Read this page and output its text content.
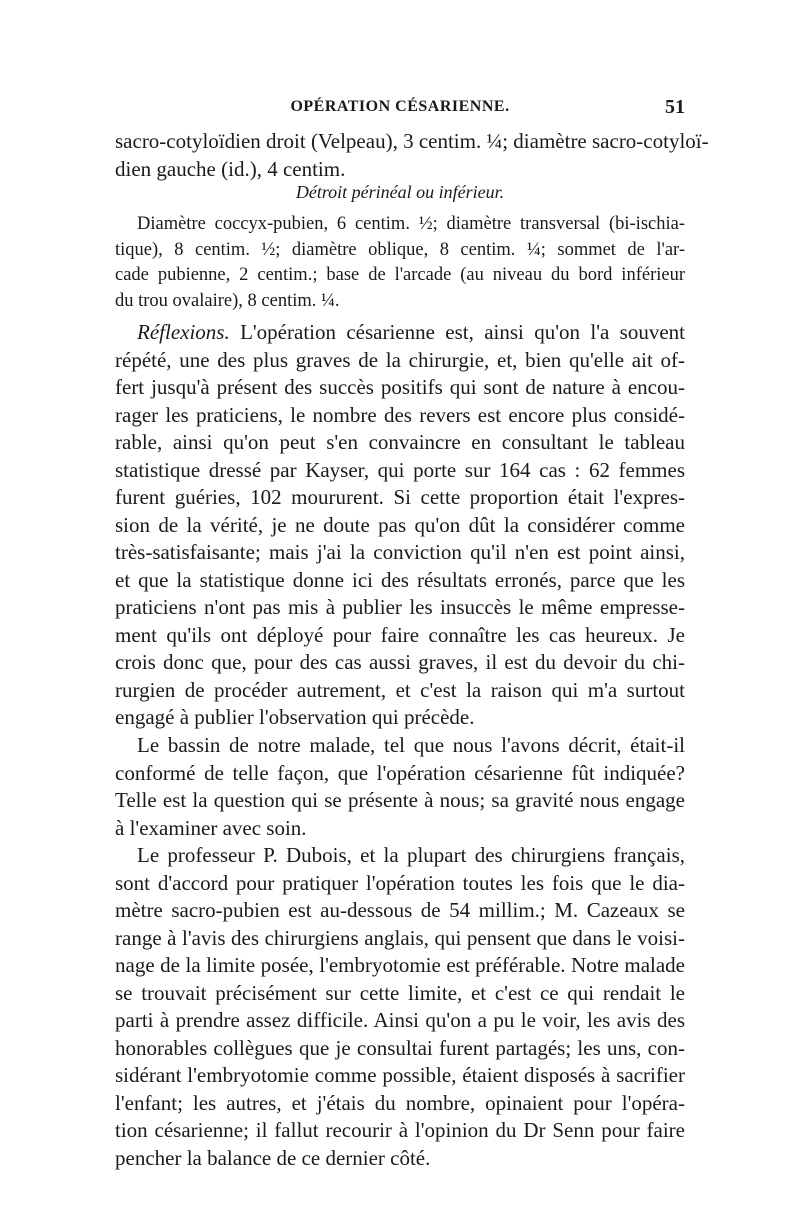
OPÉRATION CÉSARIENNE.	51
sacro-cotyloïdien droit (Velpeau), 3 centim. ¼; diamètre sacro-cotyloï-
dien gauche (id.), 4 centim.
Détroit périnéal ou inférieur.
Diamètre coccyx-pubien, 6 centim. ½; diamètre transversal (bi-ischia-
tique), 8 centim. ½; diamètre oblique, 8 centim. ¼; sommet de l'ar-
cade pubienne, 2 centim.; base de l'arcade (au niveau du bord inférieur
du trou ovalaire), 8 centim. ¼.
Réflexions. L'opération césarienne est, ainsi qu'on l'a souvent
répété, une des plus graves de la chirurgie, et, bien qu'elle ait of-
fert jusqu'à présent des succès positifs qui sont de nature à encou-
rager les praticiens, le nombre des revers est encore plus considé-
rable, ainsi qu'on peut s'en convaincre en consultant le tableau
statistique dressé par Kayser, qui porte sur 164 cas : 62 femmes
furent guéries, 102 moururent. Si cette proportion était l'expres-
sion de la vérité, je ne doute pas qu'on dût la considérer comme
très-satisfaisante; mais j'ai la conviction qu'il n'en est point ainsi,
et que la statistique donne ici des résultats erronés, parce que les
praticiens n'ont pas mis à publier les insuccès le même empresse-
ment qu'ils ont déployé pour faire connaître les cas heureux. Je
crois donc que, pour des cas aussi graves, il est du devoir du chi-
rurgien de procéder autrement, et c'est la raison qui m'a surtout
engagé à publier l'observation qui précède.
Le bassin de notre malade, tel que nous l'avons décrit, était-il
conformé de telle façon, que l'opération césarienne fût indiquée?
Telle est la question qui se présente à nous; sa gravité nous engage
à l'examiner avec soin.
Le professeur P. Dubois, et la plupart des chirurgiens français,
sont d'accord pour pratiquer l'opération toutes les fois que le dia-
mètre sacro-pubien est au-dessous de 54 millim.; M. Cazeaux se
range à l'avis des chirurgiens anglais, qui pensent que dans le voisi-
nage de la limite posée, l'embryotomie est préférable. Notre malade
se trouvait précisément sur cette limite, et c'est ce qui rendait le
parti à prendre assez difficile. Ainsi qu'on a pu le voir, les avis des
honorables collègues que je consultai furent partagés; les uns, con-
sidérant l'embryotomie comme possible, étaient disposés à sacrifier
l'enfant; les autres, et j'étais du nombre, opinaient pour l'opéra-
tion césarienne; il fallut recourir à l'opinion du Dr Senn pour faire
pencher la balance de ce dernier côté.
